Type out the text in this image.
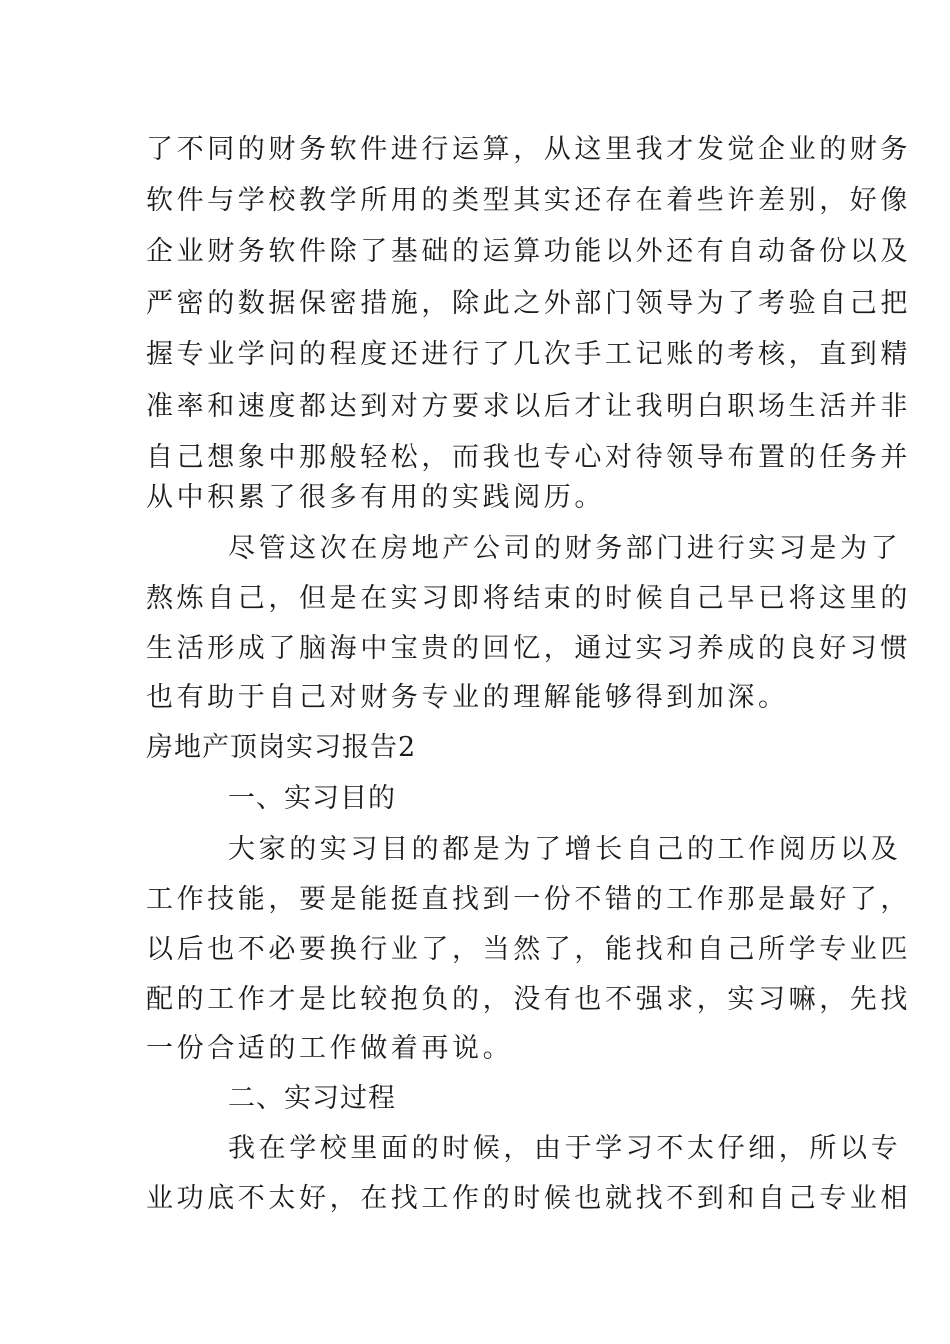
了不同的财务软件进行运算，从这里我才发觉企业的财务
软件与学校教学所用的类型其实还存在着些许差别，好像
企业财务软件除了基础的运算功能以外还有自动备份以及
严密的数据保密措施，除此之外部门领导为了考验自己把
握专业学问的程度还进行了几次手工记账的考核，直到精
准率和速度都达到对方要求以后才让我明白职场生活并非
自己想象中那般轻松，而我也专心对待领导布置的任务并
从中积累了很多有用的实践阅历。
尽管这次在房地产公司的财务部门进行实习是为了
熬炼自己，但是在实习即将结束的时候自己早已将这里的
生活形成了脑海中宝贵的回忆，通过实习养成的良好习惯
也有助于自己对财务专业的理解能够得到加深。
房地产顶岗实习报告2
一、实习目的
大家的实习目的都是为了增长自己的工作阅历以及
工作技能，要是能挺直找到一份不错的工作那是最好了，
以后也不必要换行业了，当然了，能找和自己所学专业匹
配的工作才是比较抱负的，没有也不强求，实习嘛，先找
一份合适的工作做着再说。
二、实习过程
我在学校里面的时候，由于学习不太仔细，所以专
业功底不太好，在找工作的时候也就找不到和自己专业相
